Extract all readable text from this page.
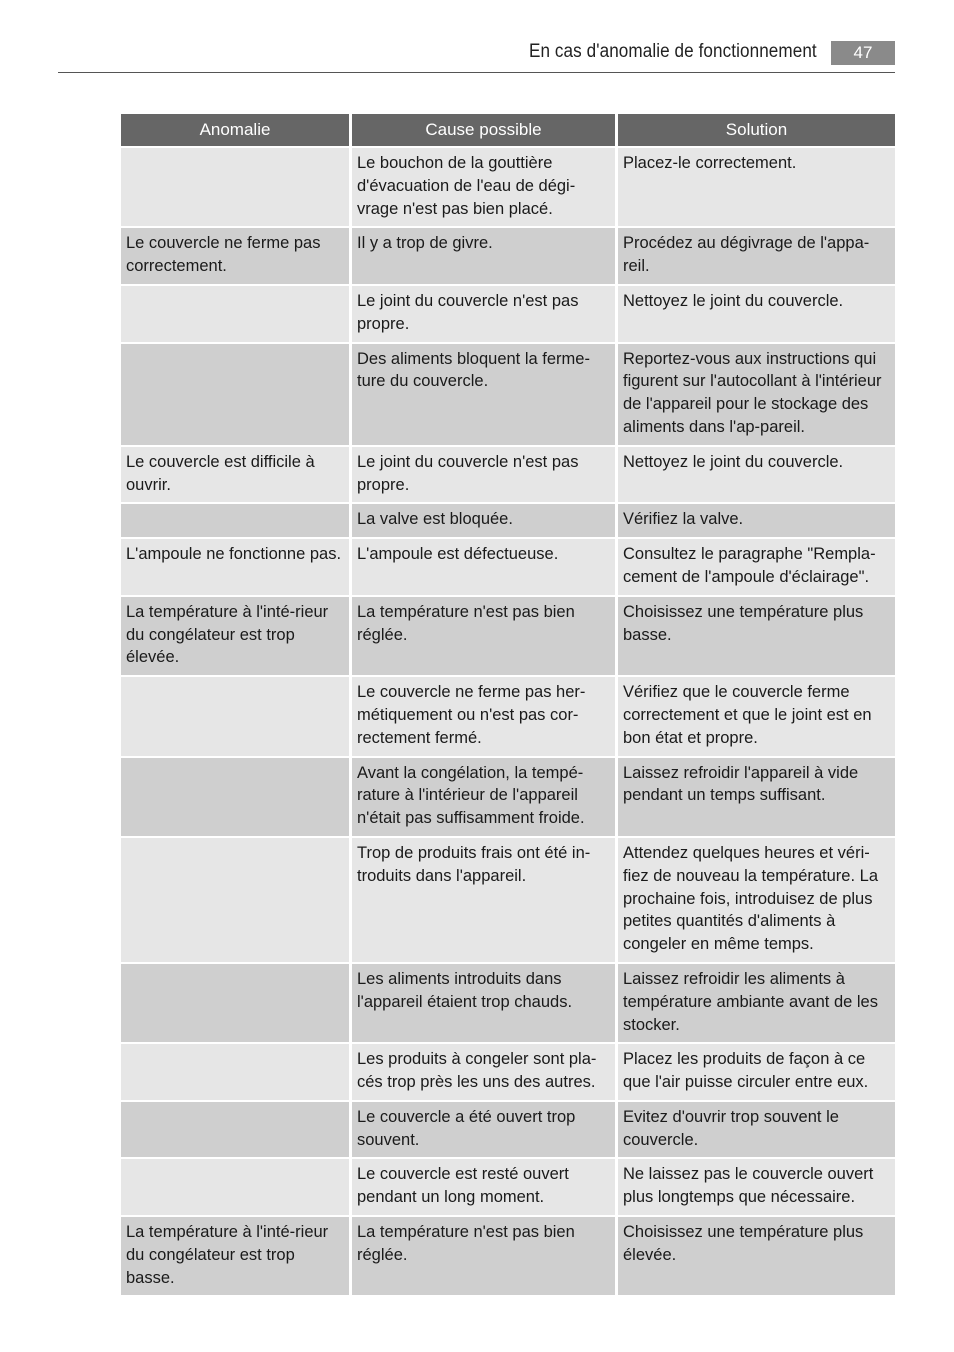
En cas d'anomalie de fonctionnement	47
Anomalie	Cause possible	Solution
	Le bouchon de la gouttière d'évacuation de l'eau de dégi-vrage n'est pas bien placé.	Placez-le correctement.
Le couvercle ne ferme pas correctement.	Il y a trop de givre.	Procédez au dégivrage de l'appa-reil.
	Le joint du couvercle n'est pas propre.	Nettoyez le joint du couvercle.
	Des aliments bloquent la ferme-ture du couvercle.	Reportez-vous aux instructions qui figurent sur l'autocollant à l'intérieur de l'appareil pour le stockage des aliments dans l'ap-pareil.
Le couvercle est difficile à ouvrir.	Le joint du couvercle n'est pas propre.	Nettoyez le joint du couvercle.
	La valve est bloquée.	Vérifiez la valve.
L'ampoule ne fonctionne pas.	L'ampoule est défectueuse.	Consultez le paragraphe "Rempla-cement de l'ampoule d'éclairage".
La température à l'inté-rieur du congélateur est trop élevée.	La température n'est pas bien réglée.	Choisissez une température plus basse.
	Le couvercle ne ferme pas her-métiquement ou n'est pas cor-rectement fermé.	Vérifiez que le couvercle ferme correctement et que le joint est en bon état et propre.
	Avant la congélation, la tempé-rature à l'intérieur de l'appareil n'était pas suffisamment froide.	Laissez refroidir l'appareil à vide pendant un temps suffisant.
	Trop de produits frais ont été in-troduits dans l'appareil.	Attendez quelques heures et véri-fiez de nouveau la température. La prochaine fois, introduisez de plus petites quantités d'aliments à congeler en même temps.
	Les aliments introduits dans l'appareil étaient trop chauds.	Laissez refroidir les aliments à température ambiante avant de les stocker.
	Les produits à congeler sont pla-cés trop près les uns des autres.	Placez les produits de façon à ce que l'air puisse circuler entre eux.
	Le couvercle a été ouvert trop souvent.	Evitez d'ouvrir trop souvent le couvercle.
	Le couvercle est resté ouvert pendant un long moment.	Ne laissez pas le couvercle ouvert plus longtemps que nécessaire.
La température à l'inté-rieur du congélateur est trop basse.	La température n'est pas bien réglée.	Choisissez une température plus élevée.
